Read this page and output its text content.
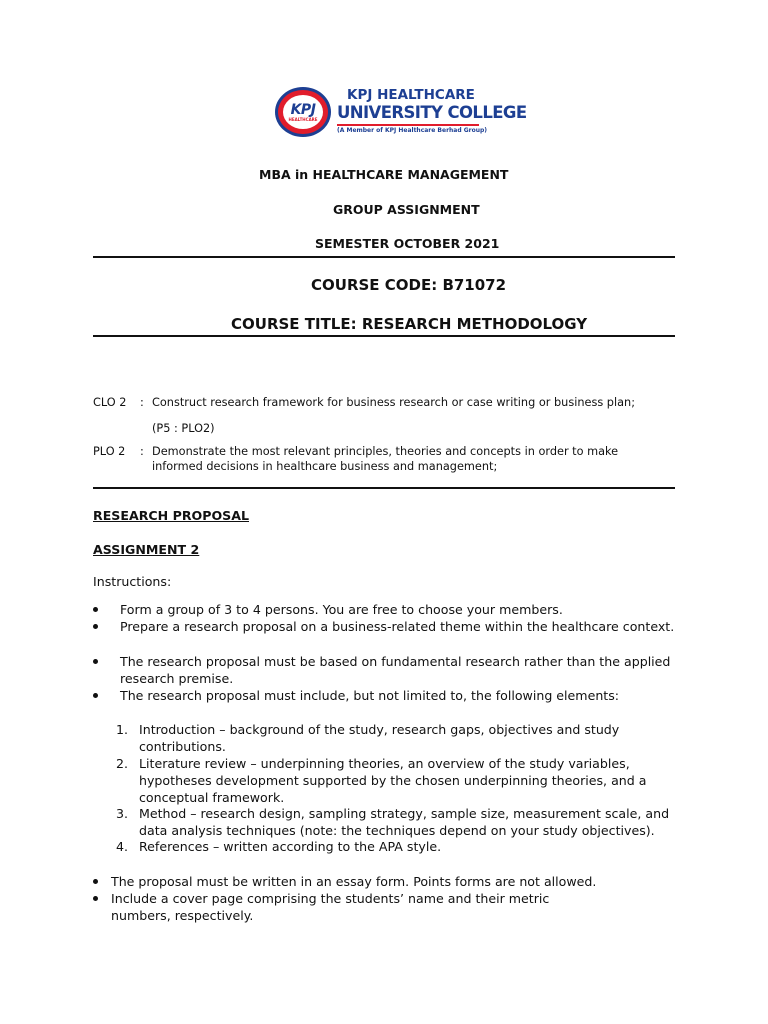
KPJ
HEALTHCARE
KPJ HEALTHCARE
UNIVERSITY COLLEGE
(A Member of KPJ Healthcare Berhad Group)
MBA in HEALTHCARE MANAGEMENT
GROUP ASSIGNMENT
SEMESTER OCTOBER 2021
COURSE CODE: B71072
COURSE TITLE: RESEARCH METHODOLOGY
CLO 2 : Construct research framework for business research or case writing or business plan;
(P5 : PLO2)
PLO 2 : Demonstrate the most relevant principles, theories and concepts in order to make
informed decisions in healthcare business and management;
RESEARCH PROPOSAL
ASSIGNMENT 2
Instructions:
Form a group of 3 to 4 persons. You are free to choose your members.
Prepare a research proposal on a business-related theme within the healthcare context.
The research proposal must be based on fundamental research rather than the applied research premise.
The research proposal must include, but not limited to, the following elements:
1. Introduction – background of the study, research gaps, objectives and study contributions.
2. Literature review – underpinning theories, an overview of the study variables, hypotheses development supported by the chosen underpinning theories, and a conceptual framework.
3. Method – research design, sampling strategy, sample size, measurement scale, and data analysis techniques (note: the techniques depend on your study objectives).
4. References – written according to the APA style.
The proposal must be written in an essay form. Points forms are not allowed.
Include a cover page comprising the students’ name and their metric numbers, respectively.
